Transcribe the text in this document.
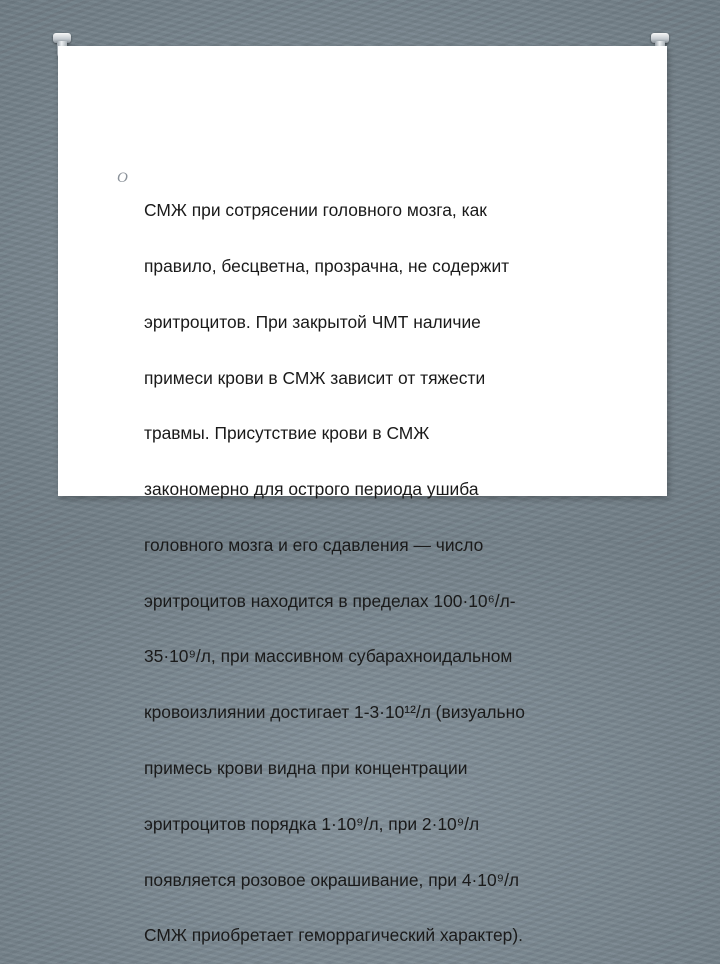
O

СМЖ при сотрясении головного мозга, как

правило, бесцветна, прозрачна, не содержит

эритроцитов. При закрытой ЧМТ наличие

примеси крови в СМЖ зависит от тяжести

травмы. Присутствие крови в СМЖ

закономерно для острого периода ушиба

головного мозга и его сдавления — число

эритроцитов находится в пределах 100·10⁶/л-

35·10⁹/л, при массивном субарахноидальном

кровоизлиянии достигает 1-3·10¹²/л (визуально

примесь крови видна при концентрации

эритроцитов порядка 1·10⁹/л, при 2·10⁹/л

появляется розовое окрашивание, при 4·10⁹/л

СМЖ приобретает геморрагический характер).
